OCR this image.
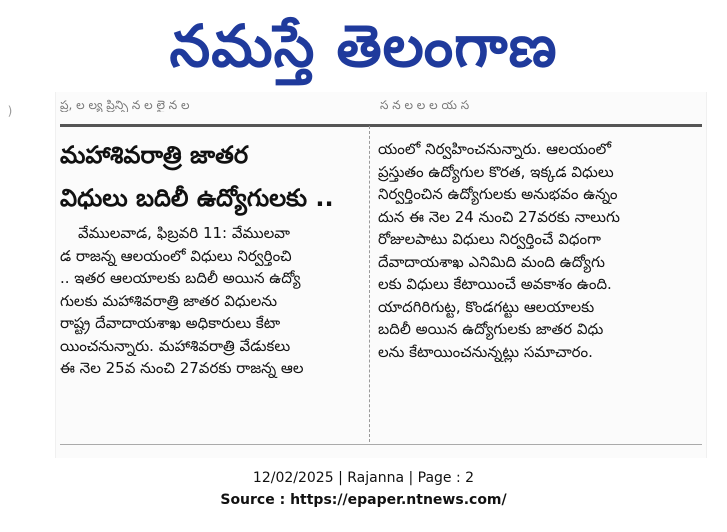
నమస్తే తెలంగాణ
)	ప్ర, ల ల్య ప్రిన్సి న ల లై న ల	స న ల ల ల య స
మహాశివరాత్రి జాతర
విధులు బదిలీ ఉద్యోగులకు ..
వేములవాడ, ఫిబ్రవరి 11: వేములవా
డ రాజన్న ఆలయంలో విధులు నిర్వర్తించి
.. ఇతర ఆలయాలకు బదిలీ అయిన ఉద్యో
గులకు మహాశివరాత్రి జాతర విధులను
రాష్ట్ర దేవాదాయశాఖ అధికారులు కేటా
యించనున్నారు. మహాశివరాత్రి వేడుకలు
ఈ నెల 25వ నుంచి 27వరకు రాజన్న ఆల
యంలో నిర్వహించనున్నారు. ఆలయంలో
ప్రస్తుతం ఉద్యోగుల కొరత, ఇక్కడ విధులు
నిర్వర్తించిన ఉద్యోగులకు అనుభవం ఉన్నం
దున ఈ నెల 24 నుంచి 27వరకు నాలుగు
రోజులపాటు విధులు నిర్వర్తించే విధంగా
దేవాదాయశాఖ ఎనిమిది మంది ఉద్యోగు
లకు విధులు కేటాయించే అవకాశం ఉంది.
యాదగిరిగుట్ట, కొండగట్టు ఆలయాలకు
బదిలీ అయిన ఉద్యోగులకు జాతర విధు
లను కేటాయించనున్నట్లు సమాచారం.
12/02/2025 | Rajanna | Page : 2
Source : https://epaper.ntnews.com/
